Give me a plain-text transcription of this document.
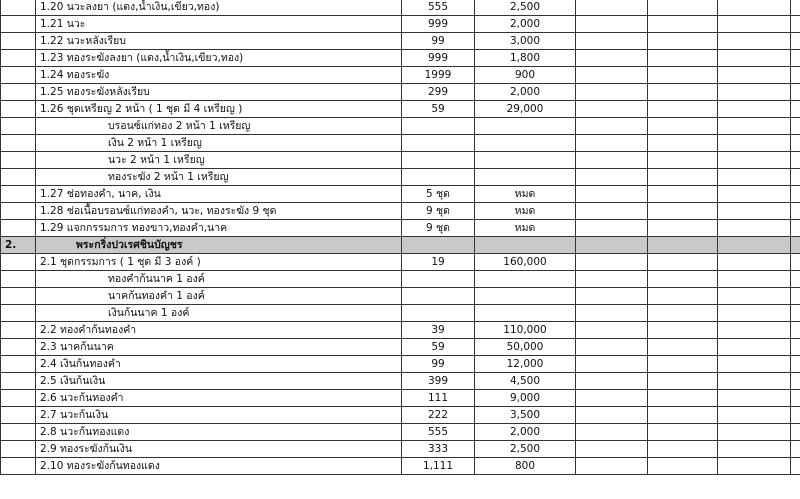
	1.20 นวะลงยา (แดง,น้ำเงิน,เขียว,ทอง)	555	2,500				
	1.21 นวะ	999	2,000				
	1.22 นวะหลังเรียบ	99	3,000				
	1.23 ทองระฆังลงยา (แดง,น้ำเงิน,เขียว,ทอง)	999	1,800				
	1.24 ทองระฆัง	1999	900				
	1.25 ทองระฆังหลังเรียบ	299	2,000				
	1.26 ชุดเหรียญ 2 หน้า ( 1 ชุด มี 4 เหรียญ )	59	29,000				
	บรอนซ์แก่ทอง 2 หน้า 1 เหรียญ						
	เงิน 2 หน้า 1 เหรียญ						
	นวะ 2 หน้า 1 เหรียญ						
	ทองระฆัง 2 หน้า 1 เหรียญ						
	1.27 ช่อทองคำ, นาค, เงิน	5 ชุด	หมด				
	1.28 ช่อเนื้อบรอนซ์แก่ทองคำ, นวะ, ทองระฆัง 9 ชุด	9 ชุด	หมด				
	1.29 แจกกรรมการ ทองขาว,ทองคำ,นาค	9 ชุด	หมด				
2.	พระกริ่งปวเรศชินบัญชร						
	2.1 ชุดกรรมการ ( 1 ชุด มี 3 องค์ )	19	160,000				
	ทองคำก้นนาค 1 องค์						
	นาคก้นทองคำ 1 องค์						
	เงินก้นนาค 1 องค์						
	2.2 ทองคำก้นทองคำ	39	110,000				
	2.3 นาคก้นนาค	59	50,000				
	2.4 เงินก้นทองคำ	99	12,000				
	2.5 เงินก้นเงิน	399	4,500				
	2.6 นวะก้นทองคำ	111	9,000				
	2.7 นวะก้นเงิน	222	3,500				
	2.8 นวะก้นทองแดง	555	2,000				
	2.9 ทองระฆังก้นเงิน	333	2,500				
	2.10 ทองระฆังก้นทองแดง	1,111	800				
